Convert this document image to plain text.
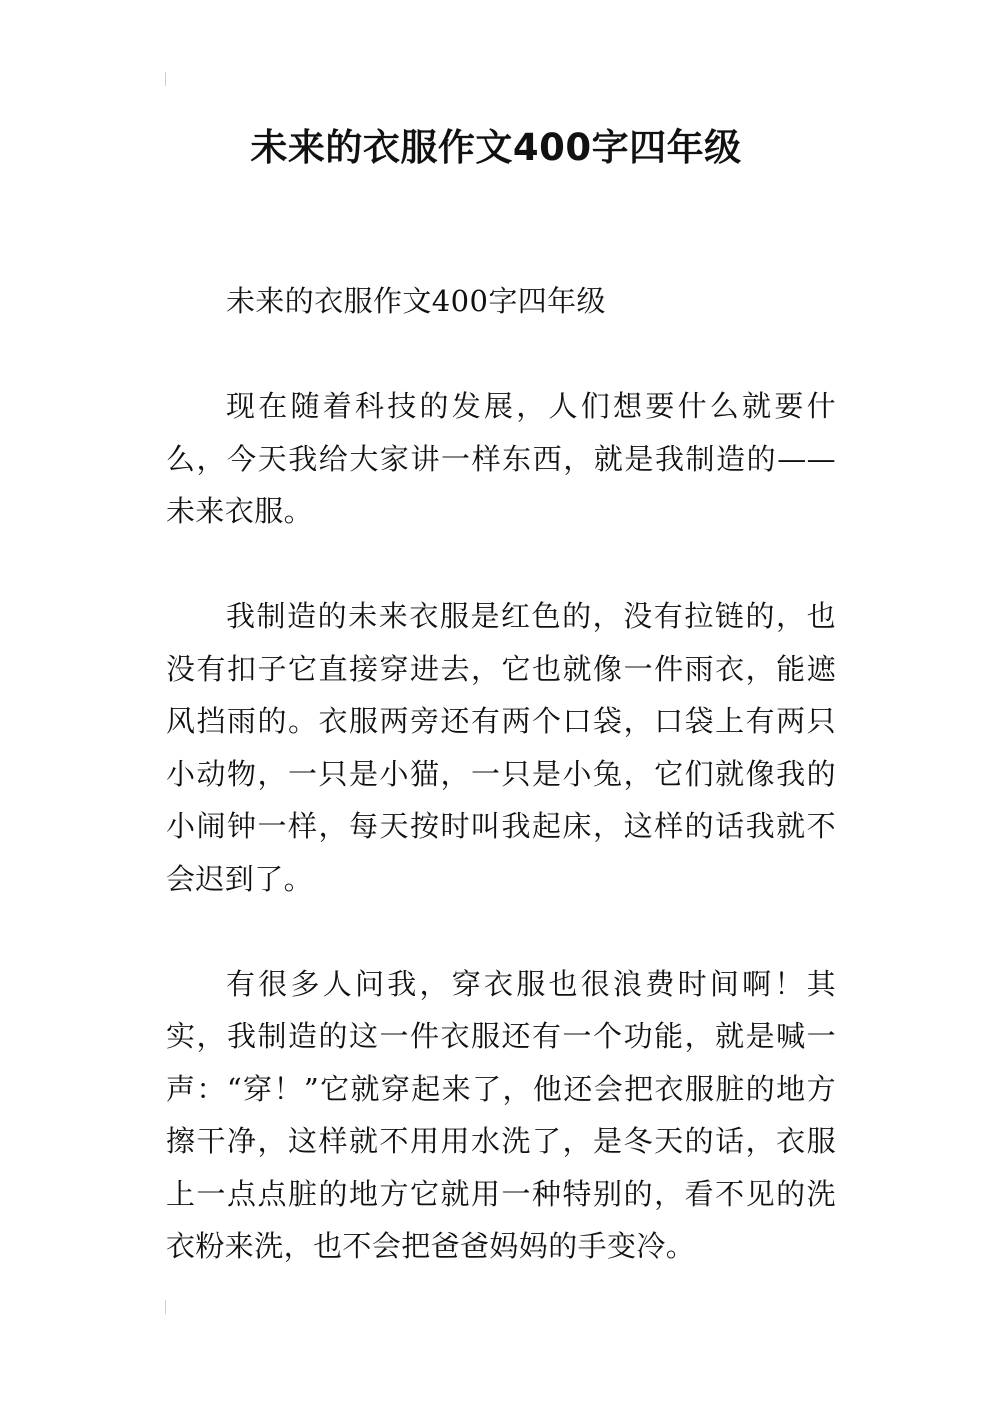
未来的衣服作文400字四年级

未来的衣服作文400字四年级

现在随着科技的发展，人们想要什么就要什么，今天我给大家讲一样东西，就是我制造的——未来衣服。

我制造的未来衣服是红色的，没有拉链的，也没有扣子它直接穿进去，它也就像一件雨衣，能遮风挡雨的。衣服两旁还有两个口袋，口袋上有两只小动物，一只是小猫，一只是小兔，它们就像我的小闹钟一样，每天按时叫我起床，这样的话我就不会迟到了。

有很多人问我，穿衣服也很浪费时间啊！其实，我制造的这一件衣服还有一个功能，就是喊一声：“穿！”它就穿起来了，他还会把衣服脏的地方擦干净，这样就不用用水洗了，是冬天的话，衣服上一点点脏的地方它就用一种特别的，看不见的洗衣粉来洗，也不会把爸爸妈妈的手变冷。
